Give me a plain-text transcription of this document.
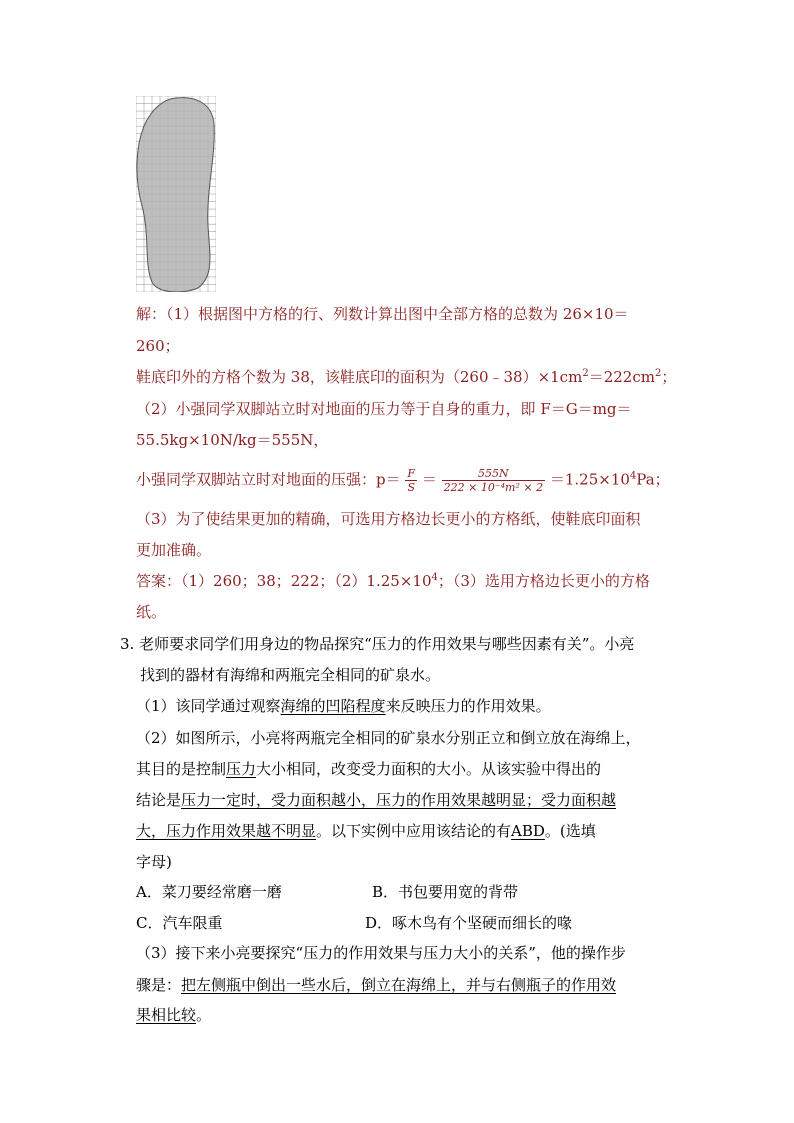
解：（1）根据图中方格的行、列数计算出图中全部方格的总数为 26×10＝
260；
鞋底印外的方格个数为 38，该鞋底印的面积为$(260﹣38)\times 1cm^2=222cm^2$；
（2）小强同学双脚站立时对地面的压力等于自身的重力，即 F＝G＝mg＝
55.5kg×10N/kg＝555N，
小强同学双脚站立时对地面的压强：$p= \frac{F}{S} = \frac{555N}{\text{222 × 10⁻⁴m² × 2}} =1.25\times 10^4Pa$；
（3）为了使结果更加的精确，可选用方格边长更小的方格纸，使鞋底印面积
更加准确。
答案：（1）260；38；222；$(2)1.25\times 10^4$；（3）选用方格边长更小的方格
纸。
3. 老师要求同学们用身边的物品探究“压力的作用效果与哪些因素有关”。小亮
找到的器材有海绵和两瓶完全相同的矿泉水。
（1）该同学通过观察海绵的凹陷程度来反映压力的作用效果。
（2）如图所示，小亮将两瓶完全相同的矿泉水分别正立和倒立放在海绵上，
其目的是控制压力大小相同，改变受力面积的大小。从该实验中得出的
结论是压力一定时，受力面积越小，压力的作用效果越明显；受力面积越
大，压力作用效果越不明显。以下实例中应用该结论的有ABD。(选填
字母)
A．菜刀要经常磨一磨	B．书包要用宽的背带
C．汽车限重	D．啄木鸟有个坚硬而细长的喙
（3）接下来小亮要探究“压力的作用效果与压力大小的关系”，他的操作步
骤是：把左侧瓶中倒出一些水后，倒立在海绵上，并与右侧瓶子的作用效
果相比较。
